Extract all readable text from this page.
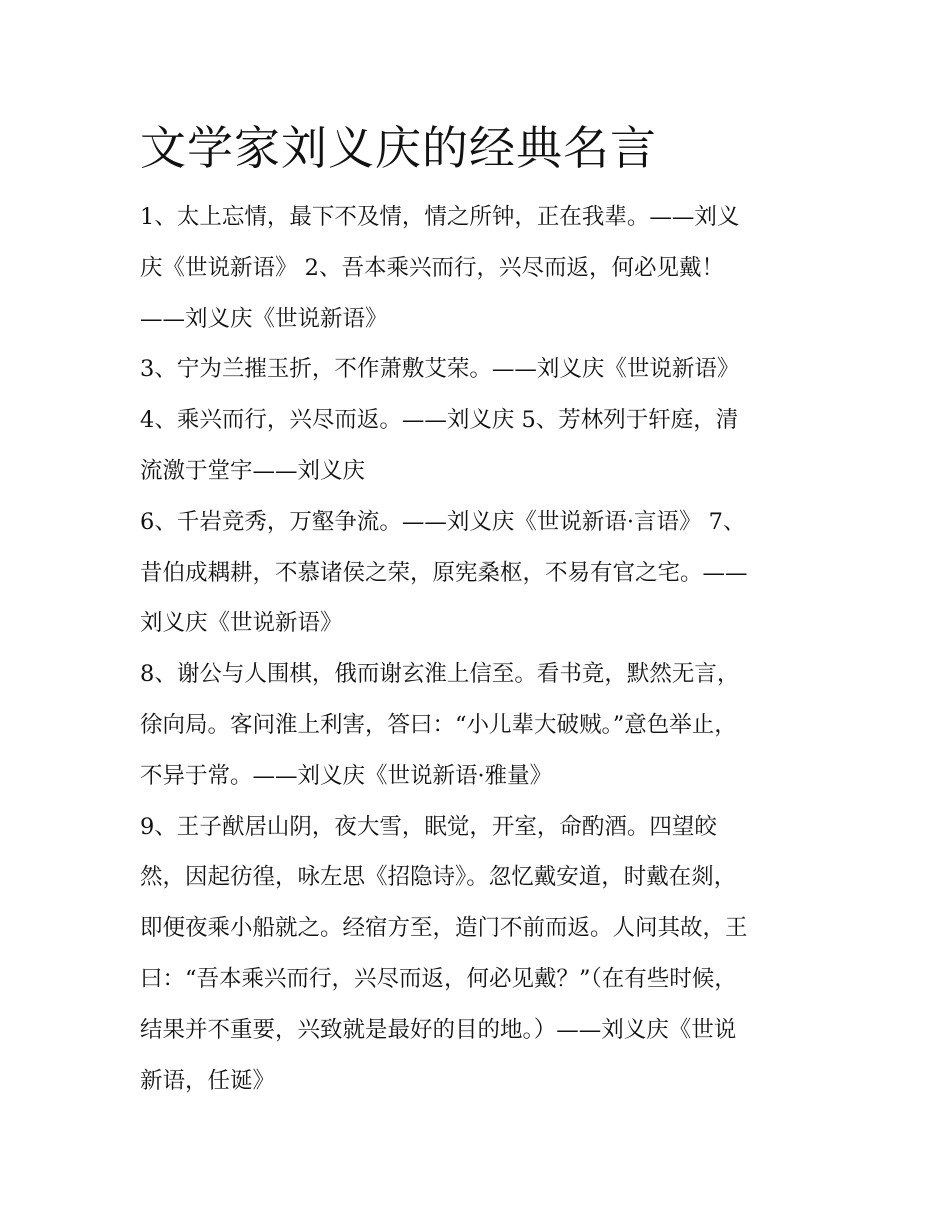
文学家刘义庆的经典名言
1、太上忘情，最下不及情，情之所钟，正在我辈。——刘义
庆《世说新语》 2、吾本乘兴而行，兴尽而返，何必见戴！
——刘义庆《世说新语》
3、宁为兰摧玉折，不作萧敷艾荣。——刘义庆《世说新语》
4、乘兴而行，兴尽而返。——刘义庆 5、芳林列于轩庭，清
流激于堂宇——刘义庆
6、千岩竞秀，万壑争流。——刘义庆《世说新语·言语》 7、
昔伯成耦耕，不慕诸侯之荣，原宪桑枢，不易有官之宅。——
刘义庆《世说新语》
8、谢公与人围棋，俄而谢玄淮上信至。看书竟，默然无言，
徐向局。客问淮上利害，答曰：“小儿辈大破贼。”意色举止，
不异于常。——刘义庆《世说新语·雅量》
9、王子猷居山阴，夜大雪，眠觉，开室，命酌酒。四望皎
然，因起彷徨，咏左思《招隐诗》。忽忆戴安道，时戴在剡，
即便夜乘小船就之。经宿方至，造门不前而返。人问其故，王
曰：“吾本乘兴而行，兴尽而返，何必见戴？”（在有些时候，
结果并不重要，兴致就是最好的目的地。）——刘义庆《世说
新语，任诞》
